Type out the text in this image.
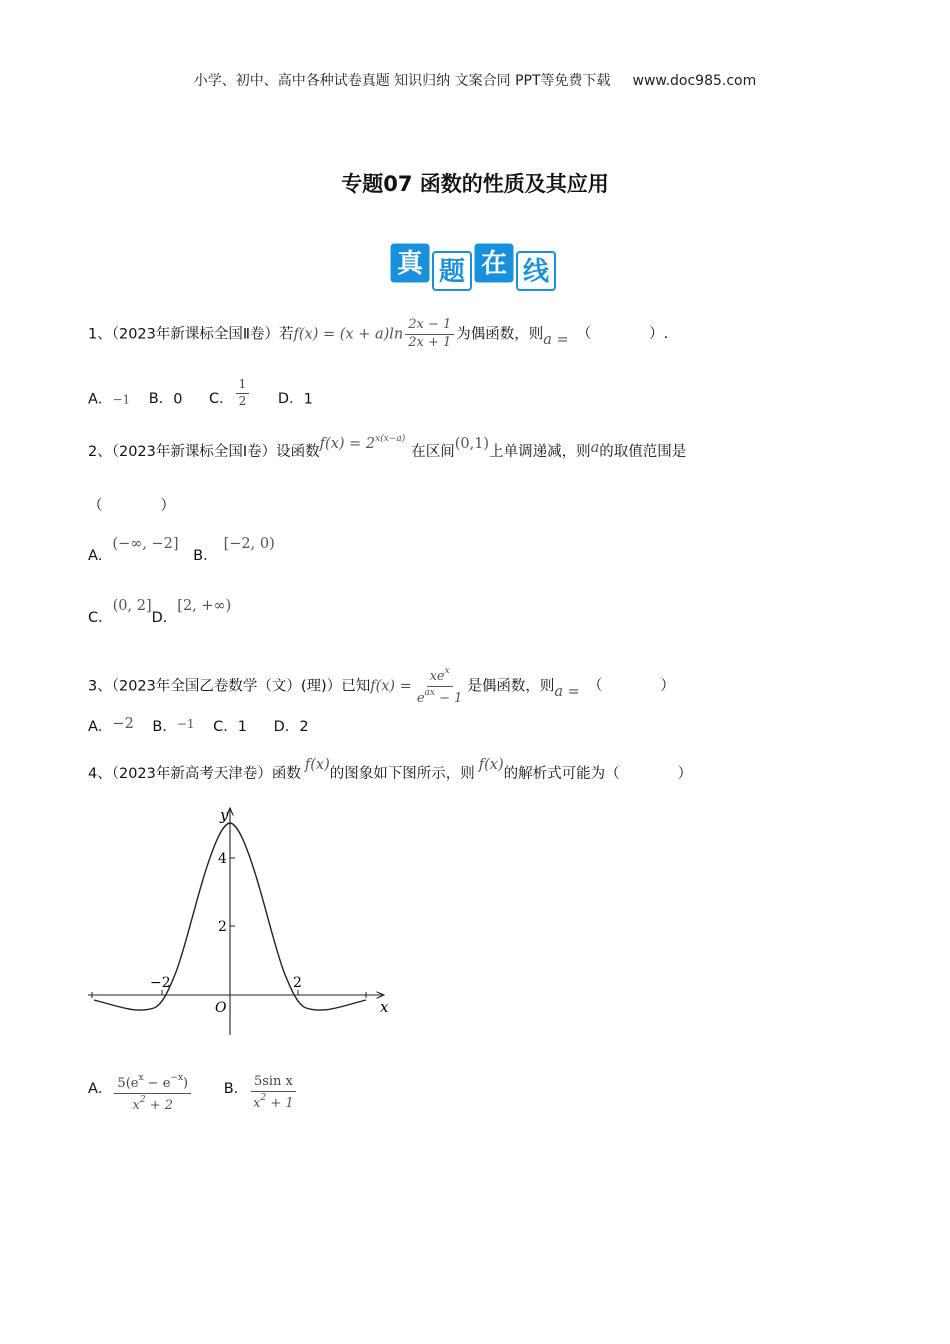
小学、初中、高中各种试卷真题 知识归纳 文案合同 PPT等免费下载 www.doc985.com
专题07 函数的性质及其应用
真 题 在 线
1、（2023年新课标全国Ⅱ卷）若$f(x) = (x + a)\ln \frac{2x - 1}{2x + 1}$ 为偶函数，则a = （　　　　）.
A．−1 B．0 C． $\frac{1}{2}$ D．1
2、（2023年新课标全国Ⅰ卷）设函数$f(x) = 2^{x(x-a)}$在区间(0,1)上单调递减，则a的取值范围是
（　　　　）
A．(−∞, −2] B．[−2, 0)
C．(0, 2]D．[2, +∞)
3、（2023年全国乙卷数学（文）(理)）已知$f(x) = \frac{xe^x}{e^{ax} - 1}$ 是偶函数，则a = （　　　　）
A．−2 B．$^{-1}$ C．1 D．2
4、（2023年新高考天津卷）函数f(x)的图象如下图所示，则f(x)的解析式可能为（　　　　）
y
x
O
4
2
−2	2
A． $\frac{5(e^x - e^{-x})}{x^2 + 2}$ B． $\frac{\text{5sin x}}{x^2 + 1}$
